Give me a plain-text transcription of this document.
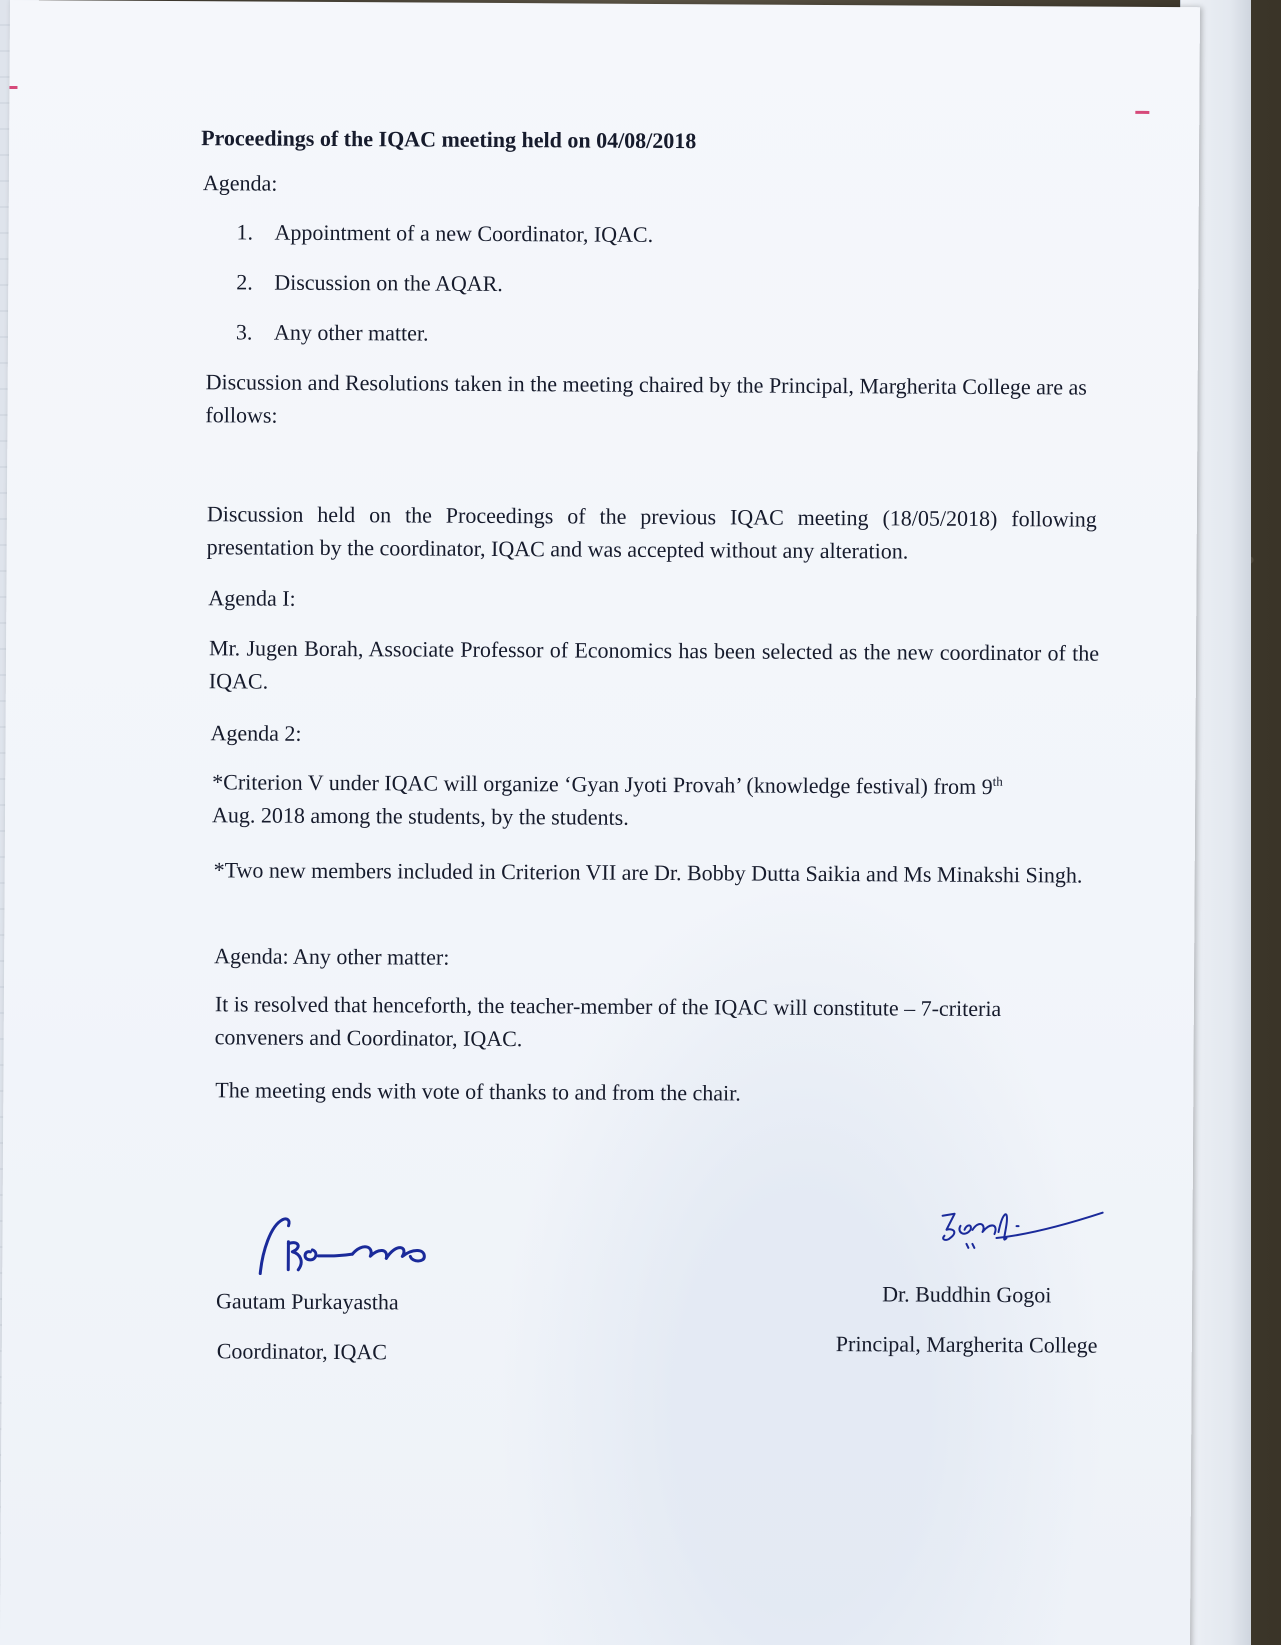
Proceedings of the IQAC meeting held on 04/08/2018
Agenda:
1. Appointment of a new Coordinator, IQAC.
2. Discussion on the AQAR.
3. Any other matter.
Discussion and Resolutions taken in the meeting chaired by the Principal, Margherita College are as follows:
Discussion held on the Proceedings of the previous IQAC meeting (18/05/2018) following presentation by the coordinator, IQAC and was accepted without any alteration.
Agenda I:
Mr. Jugen Borah, Associate Professor of Economics has been selected as the new coordinator of the IQAC.
Agenda 2:
*Criterion V under IQAC will organize ‘Gyan Jyoti Provah’ (knowledge festival) from 9th
Aug. 2018 among the students, by the students.
*Two new members included in Criterion VII are Dr. Bobby Dutta Saikia and Ms Minakshi Singh.
Agenda: Any other matter:
It is resolved that henceforth, the teacher-member of the IQAC will constitute – 7-criteria conveners and Coordinator, IQAC.
The meeting ends with vote of thanks to and from the chair.
Gautam Purkayastha
Coordinator, IQAC
Dr. Buddhin Gogoi
Principal, Margherita College
